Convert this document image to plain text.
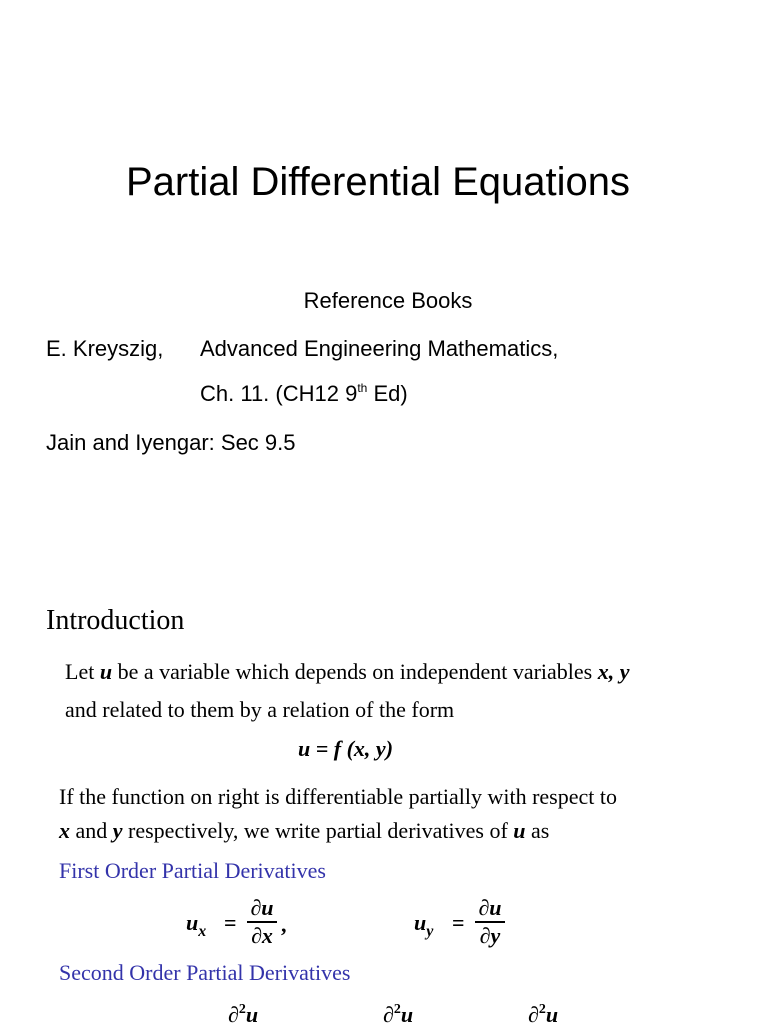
Partial Differential Equations
Reference Books
E. Kreyszig, Advanced Engineering Mathematics,
Ch. 11. (CH12 9th Ed)
Jain and Iyengar: Sec 9.5
Introduction
Let u be a variable which depends on independent variables x, y
and related to them by a relation of the form
u = f (x, y)
If the function on right is differentiable partially with respect to
x and y respectively, we write partial derivatives of u as
First Order Partial Derivatives
$u_x$ =
∂u
∂x ,	$u_y$ =
∂u
∂y
Second Order Partial Derivatives
∂$^2$u	∂$^2$u	∂$^2$u
